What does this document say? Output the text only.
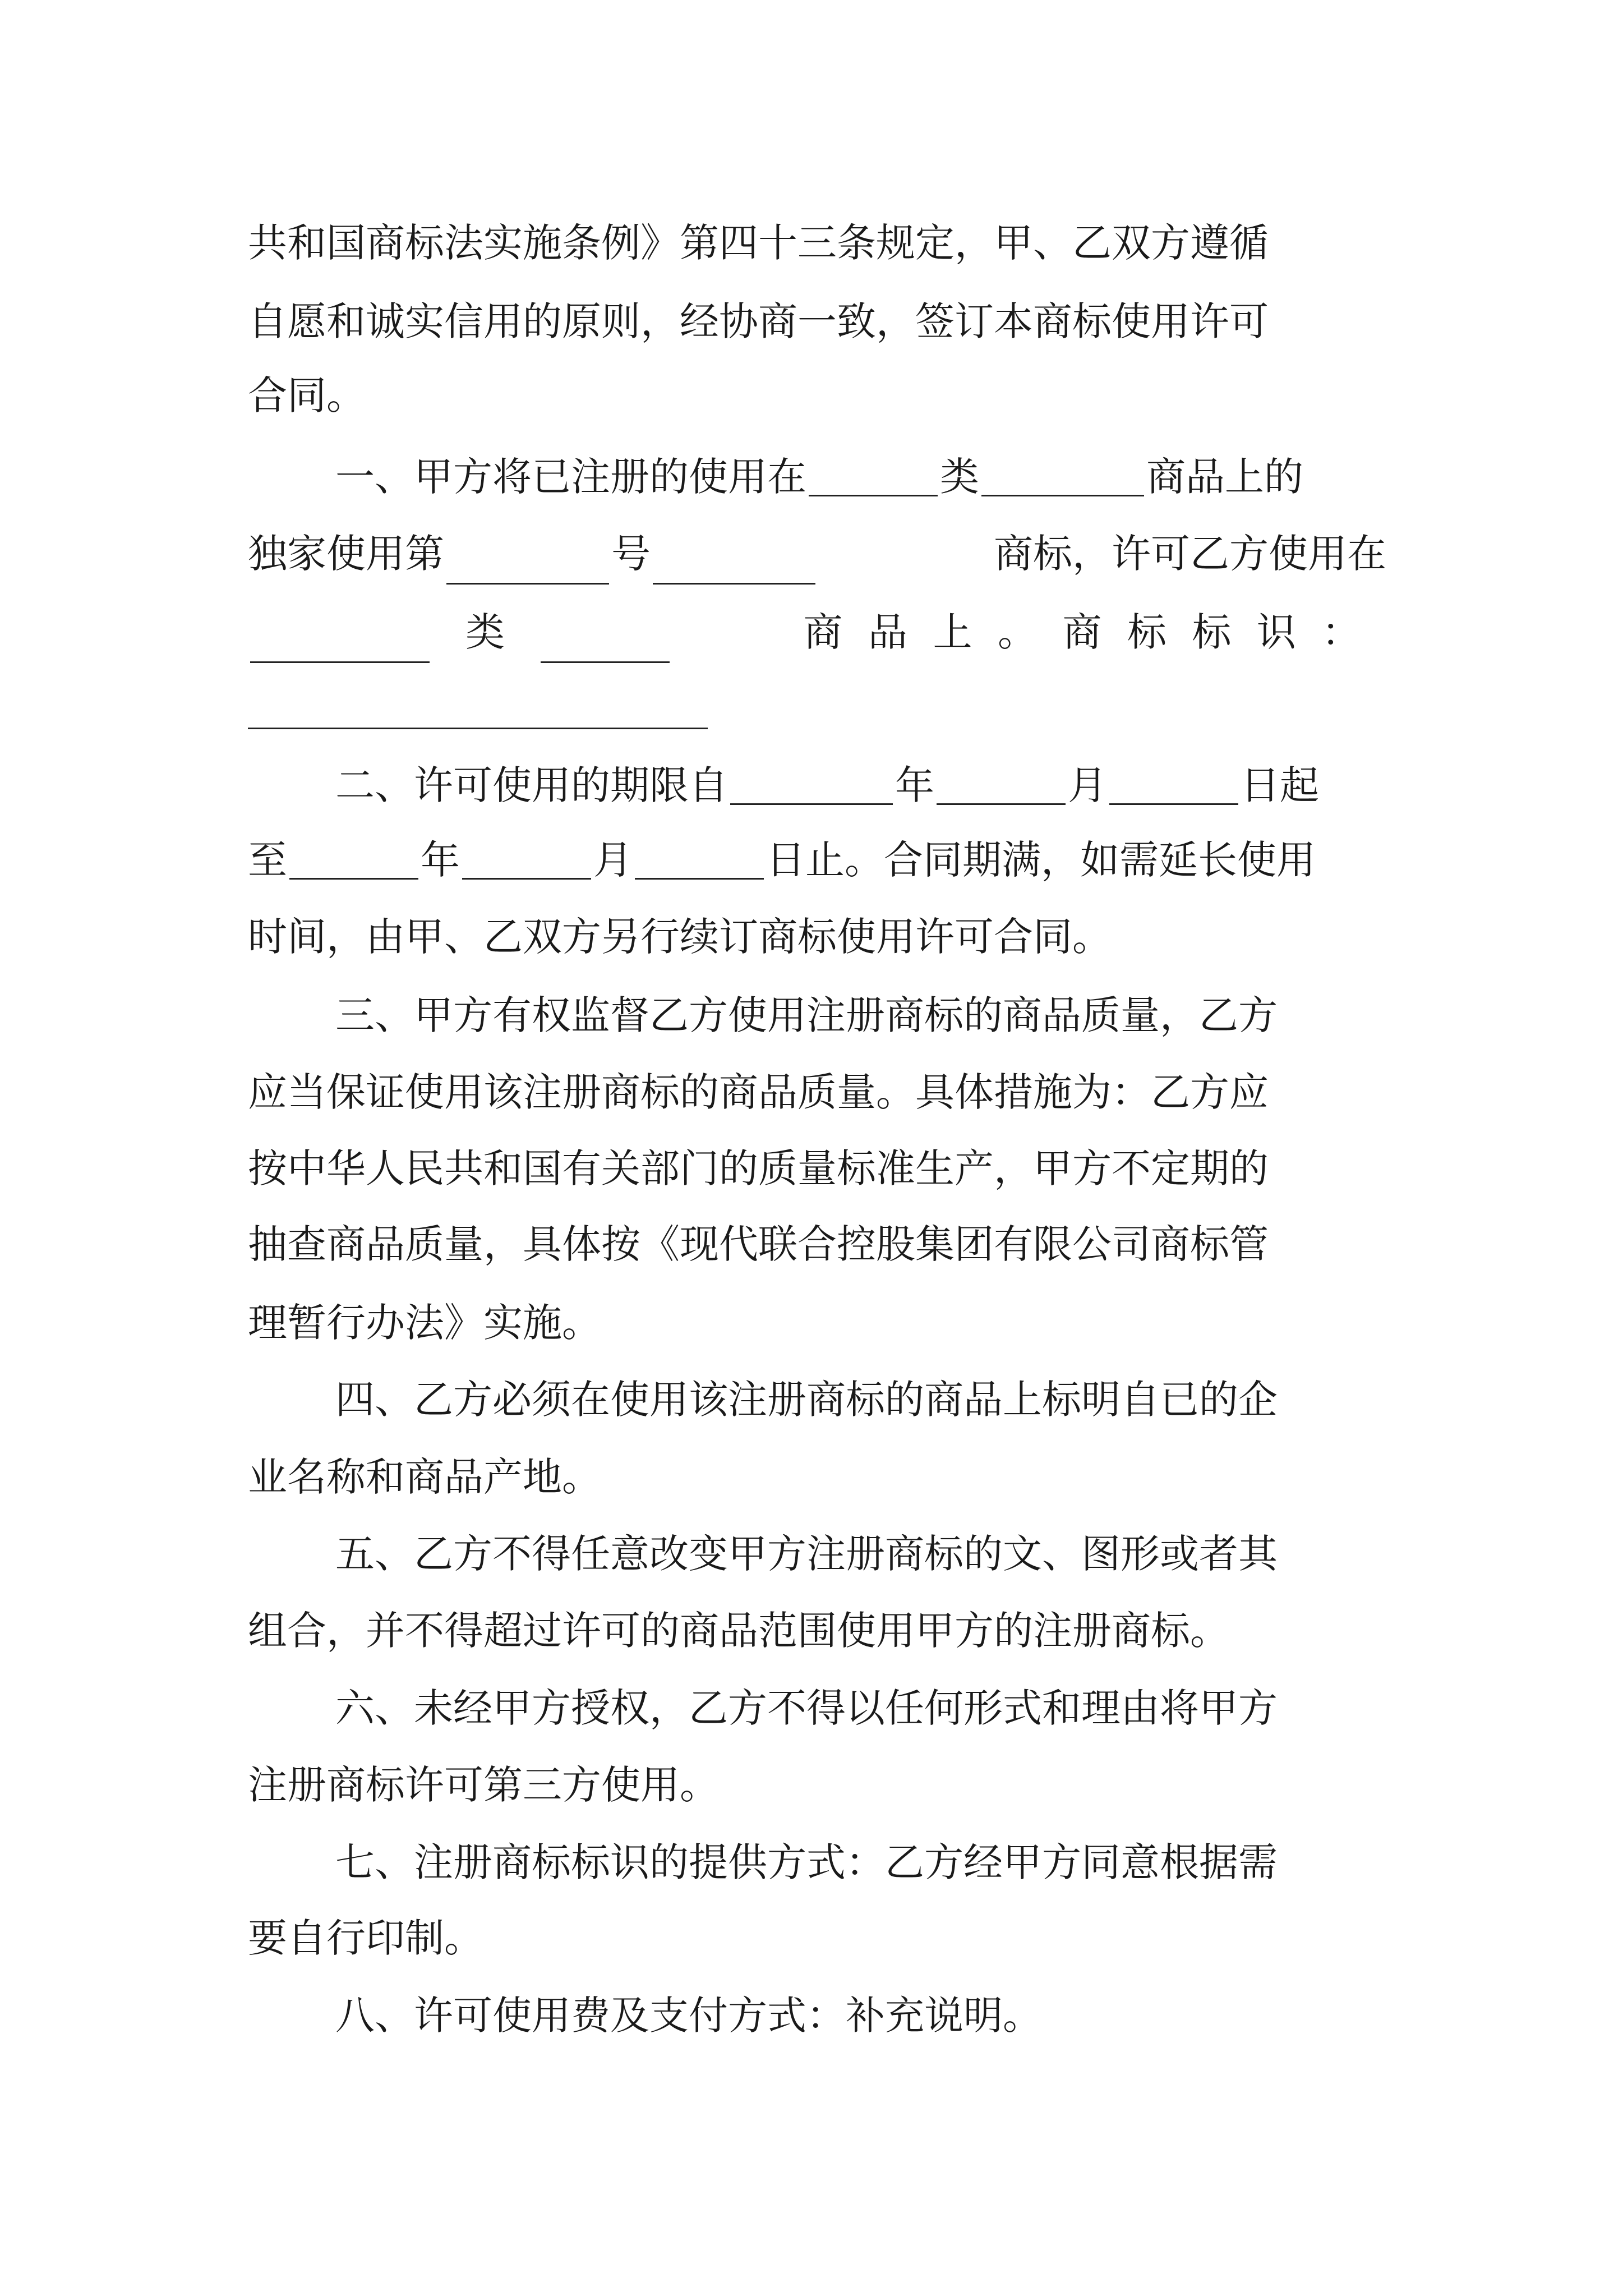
共和国商标法实施条例》第四十三条规定，甲、乙双方遵循
自愿和诚实信用的原则，经协商一致，签订本商标使用许可
合同。
一、甲方将已注册的使用在	类	商品上的
独家使用第	号	商标，许可乙方使用在
类	商品上。商标标识：
二、许可使用的期限自	年	月	日起
至	年	月	日止。合同期满，如需延长使用
时间，由甲、乙双方另行续订商标使用许可合同。
三、甲方有权监督乙方使用注册商标的商品质量，乙方
应当保证使用该注册商标的商品质量。具体措施为：乙方应
按中华人民共和国有关部门的质量标准生产，甲方不定期的
抽查商品质量，具体按《现代联合控股集团有限公司商标管
理暂行办法》实施。
四、乙方必须在使用该注册商标的商品上标明自已的企
业名称和商品产地。
五、乙方不得任意改变甲方注册商标的文、图形或者其
组合，并不得超过许可的商品范围使用甲方的注册商标。
六、未经甲方授权，乙方不得以任何形式和理由将甲方
注册商标许可第三方使用。
七、注册商标标识的提供方式：乙方经甲方同意根据需
要自行印制。
八、许可使用费及支付方式：补充说明。
